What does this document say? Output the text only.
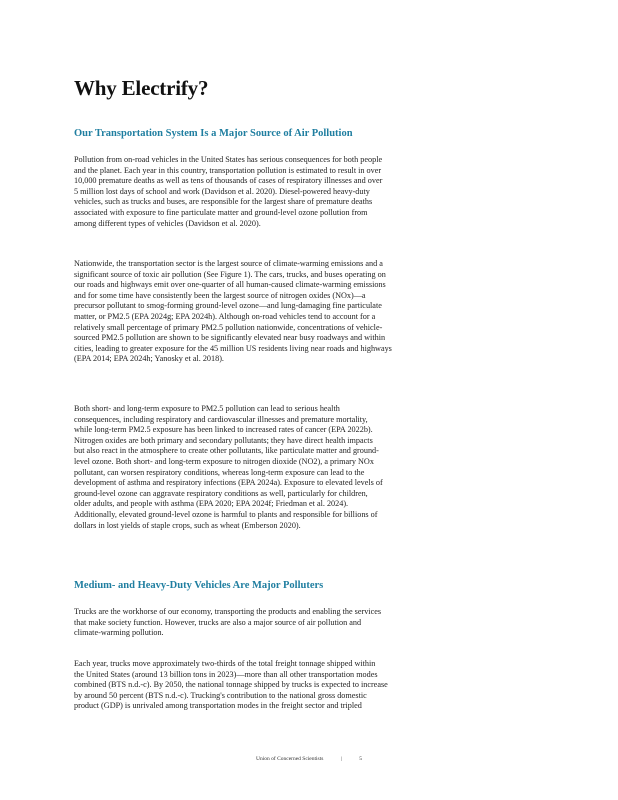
Why Electrify?
Our Transportation System Is a Major Source of Air Pollution
Pollution from on-road vehicles in the United States has serious consequences for both people
and the planet. Each year in this country, transportation pollution is estimated to result in over
10,000 premature deaths as well as tens of thousands of cases of respiratory illnesses and over
5 million lost days of school and work (Davidson et al. 2020). Diesel-powered heavy-duty
vehicles, such as trucks and buses, are responsible for the largest share of premature deaths
associated with exposure to fine particulate matter and ground-level ozone pollution from
among different types of vehicles (Davidson et al. 2020).
Nationwide, the transportation sector is the largest source of climate-warming emissions and a
significant source of toxic air pollution (See Figure 1). The cars, trucks, and buses operating on
our roads and highways emit over one-quarter of all human-caused climate-warming emissions
and for some time have consistently been the largest source of nitrogen oxides (NOx)—a
precursor pollutant to smog-forming ground-level ozone—and lung-damaging fine particulate
matter, or PM2.5 (EPA 2024g; EPA 2024h). Although on-road vehicles tend to account for a
relatively small percentage of primary PM2.5 pollution nationwide, concentrations of vehicle-
sourced PM2.5 pollution are shown to be significantly elevated near busy roadways and within
cities, leading to greater exposure for the 45 million US residents living near roads and highways
(EPA 2014; EPA 2024h; Yanosky et al. 2018).
Both short- and long-term exposure to PM2.5 pollution can lead to serious health
consequences, including respiratory and cardiovascular illnesses and premature mortality,
while long-term PM2.5 exposure has been linked to increased rates of cancer (EPA 2022b).
Nitrogen oxides are both primary and secondary pollutants; they have direct health impacts
but also react in the atmosphere to create other pollutants, like particulate matter and ground-
level ozone. Both short- and long-term exposure to nitrogen dioxide (NO2), a primary NOx
pollutant, can worsen respiratory conditions, whereas long-term exposure can lead to the
development of asthma and respiratory infections (EPA 2024a). Exposure to elevated levels of
ground-level ozone can aggravate respiratory conditions as well, particularly for children,
older adults, and people with asthma (EPA 2020; EPA 2024f; Friedman et al. 2024).
Additionally, elevated ground-level ozone is harmful to plants and responsible for billions of
dollars in lost yields of staple crops, such as wheat (Emberson 2020).
Medium- and Heavy-Duty Vehicles Are Major Polluters
Trucks are the workhorse of our economy, transporting the products and enabling the services
that make society function. However, trucks are also a major source of air pollution and
climate-warming pollution.
Each year, trucks move approximately two-thirds of the total freight tonnage shipped within
the United States (around 13 billion tons in 2023)—more than all other transportation modes
combined (BTS n.d.-c). By 2050, the national tonnage shipped by trucks is expected to increase
by around 50 percent (BTS n.d.-c). Trucking's contribution to the national gross domestic
product (GDP) is unrivaled among transportation modes in the freight sector and tripled
Union of Concerned Scientists	|	5
